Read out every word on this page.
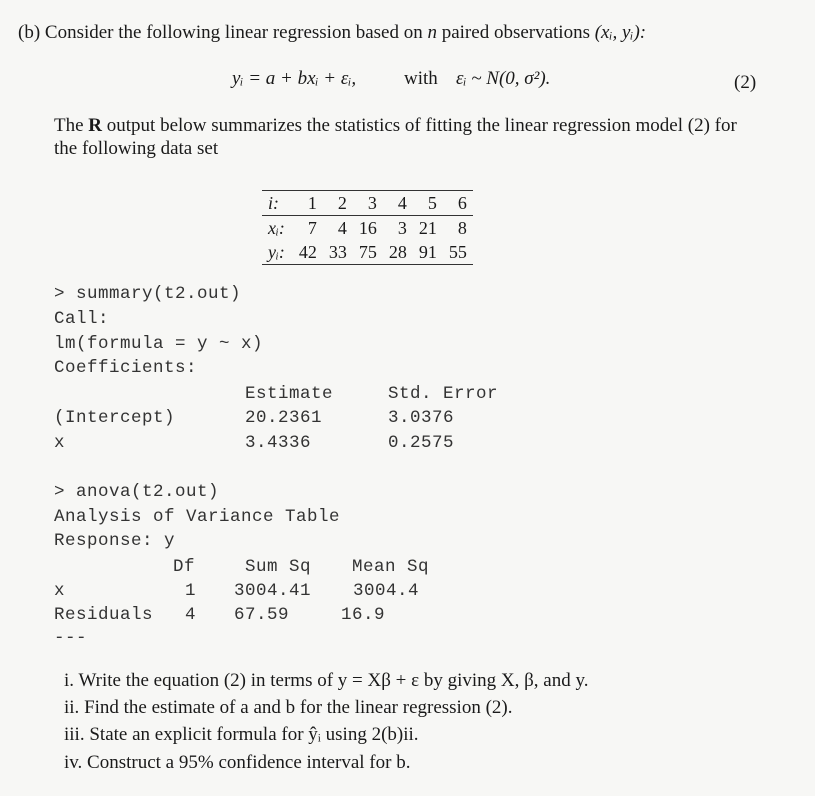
(b) Consider the following linear regression based on n paired observations (xᵢ, yᵢ):
yᵢ = a + bxᵢ + εᵢ,	with εᵢ ~ N(0, σ²).	(2)
The R output below summarizes the statistics of fitting the linear regression model (2) for
the following data set
i:	1	2	3	4	5	6
xᵢ:	7	4	16	3	21	8
yᵢ:	42	33	75	28	91	55
> summary(t2.out)
Call:
lm(formula = y ~ x)
Coefficients:
Estimate	Std. Error
(Intercept)	20.2361	3.0376
x	3.4336	0.2575
> anova(t2.out)
Analysis of Variance Table
Response: y
Df	Sum Sq Mean Sq
x	1 3004.41 3004.4
Residuals 4 67.59	16.9
---
i. Write the equation (2) in terms of y = Xβ + ε by giving X, β, and y.
ii. Find the estimate of a and b for the linear regression (2).
iii. State an explicit formula for ŷᵢ using 2(b)ii.
iv. Construct a 95% confidence interval for b.
